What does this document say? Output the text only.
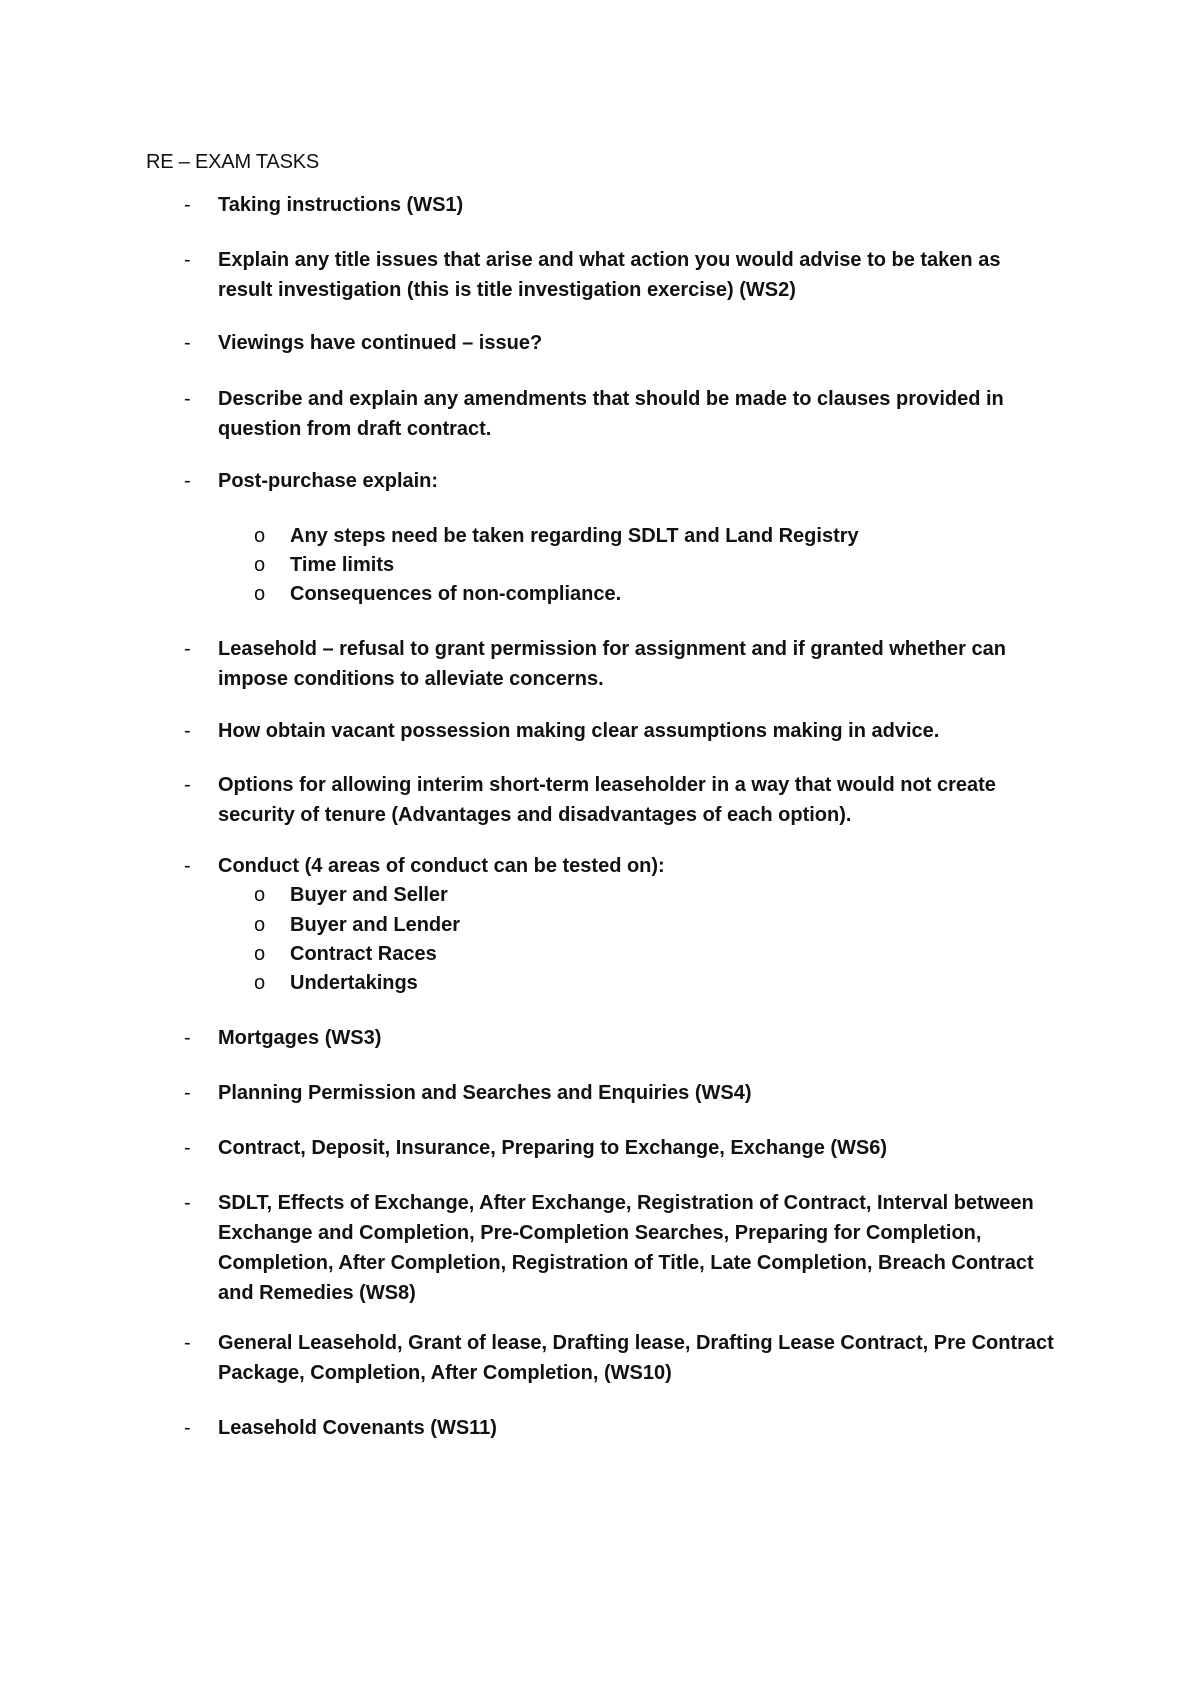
RE – EXAM TASKS
- Taking instructions (WS1)
- Explain any title issues that arise and what action you would advise to be taken as result investigation (this is title investigation exercise) (WS2)
- Viewings have continued – issue?
- Describe and explain any amendments that should be made to clauses provided in question from draft contract.
- Post-purchase explain:
o Any steps need be taken regarding SDLT and Land Registry
o Time limits
o Consequences of non-compliance.
- Leasehold – refusal to grant permission for assignment and if granted whether can impose conditions to alleviate concerns.
- How obtain vacant possession making clear assumptions making in advice.
- Options for allowing interim short-term leaseholder in a way that would not create security of tenure (Advantages and disadvantages of each option).
- Conduct (4 areas of conduct can be tested on):
o Buyer and Seller
o Buyer and Lender
o Contract Races
o Undertakings
- Mortgages (WS3)
- Planning Permission and Searches and Enquiries (WS4)
- Contract, Deposit, Insurance, Preparing to Exchange, Exchange (WS6)
- SDLT, Effects of Exchange, After Exchange, Registration of Contract, Interval between Exchange and Completion, Pre-Completion Searches, Preparing for Completion, Completion, After Completion, Registration of Title, Late Completion, Breach Contract and Remedies (WS8)
- General Leasehold, Grant of lease, Drafting lease, Drafting Lease Contract, Pre Contract Package, Completion, After Completion, (WS10)
- Leasehold Covenants (WS11)
